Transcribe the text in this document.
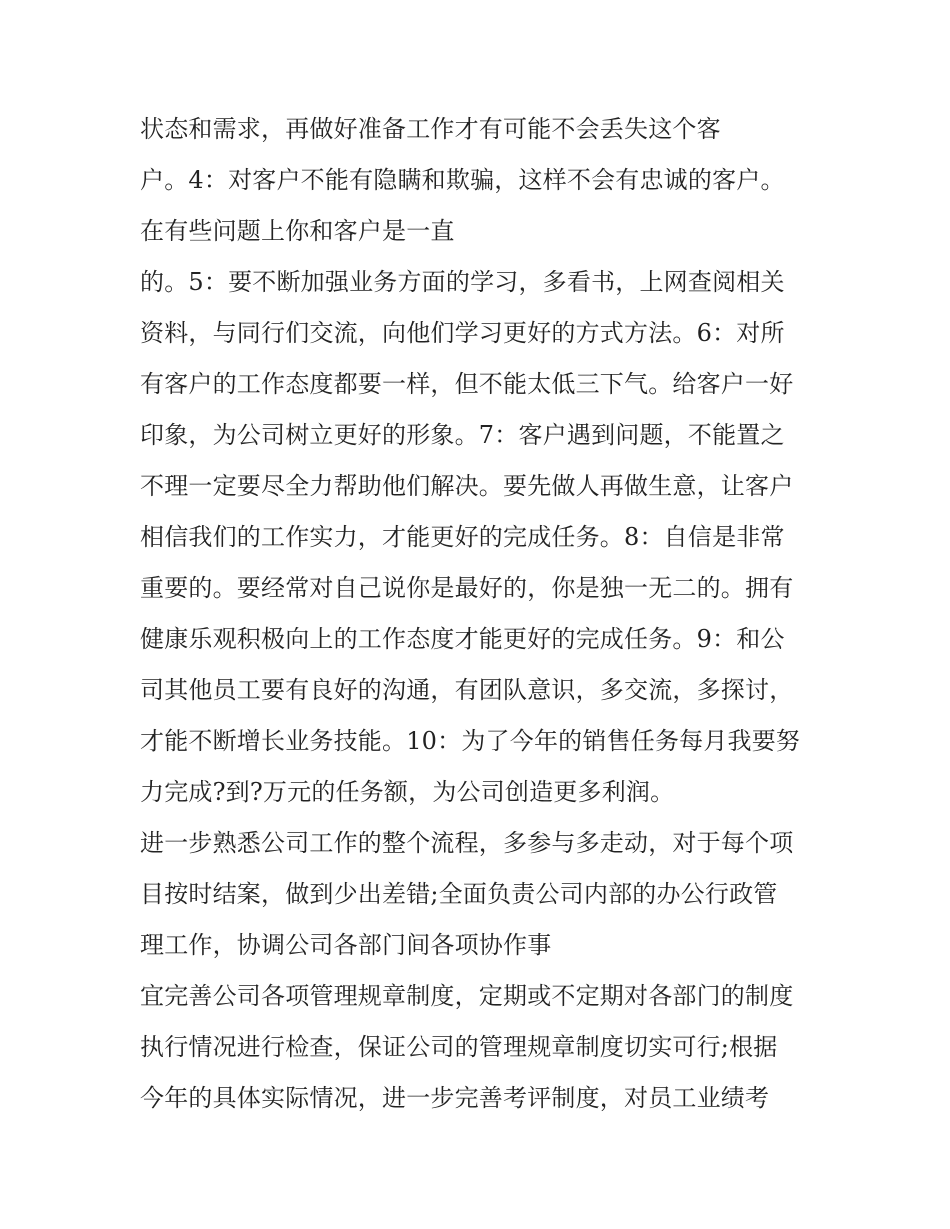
状态和需求，再做好准备工作才有可能不会丢失这个客
户。4：对客户不能有隐瞒和欺骗，这样不会有忠诚的客户。
在有些问题上你和客户是一直
的。5：要不断加强业务方面的学习，多看书，上网查阅相关
资料，与同行们交流，向他们学习更好的方式方法。6：对所
有客户的工作态度都要一样，但不能太低三下气。给客户一好
印象，为公司树立更好的形象。7：客户遇到问题，不能置之
不理一定要尽全力帮助他们解决。要先做人再做生意，让客户
相信我们的工作实力，才能更好的完成任务。8：自信是非常
重要的。要经常对自己说你是最好的，你是独一无二的。拥有
健康乐观积极向上的工作态度才能更好的完成任务。9：和公
司其他员工要有良好的沟通，有团队意识，多交流，多探讨，
才能不断增长业务技能。10：为了今年的销售任务每月我要努
力完成?到?万元的任务额，为公司创造更多利润。
进一步熟悉公司工作的整个流程，多参与多走动，对于每个项
目按时结案，做到少出差错;全面负责公司内部的办公行政管
理工作，协调公司各部门间各项协作事
宜完善公司各项管理规章制度，定期或不定期对各部门的制度
执行情况进行检查，保证公司的管理规章制度切实可行;根据
今年的具体实际情况，进一步完善考评制度，对员工业绩考
